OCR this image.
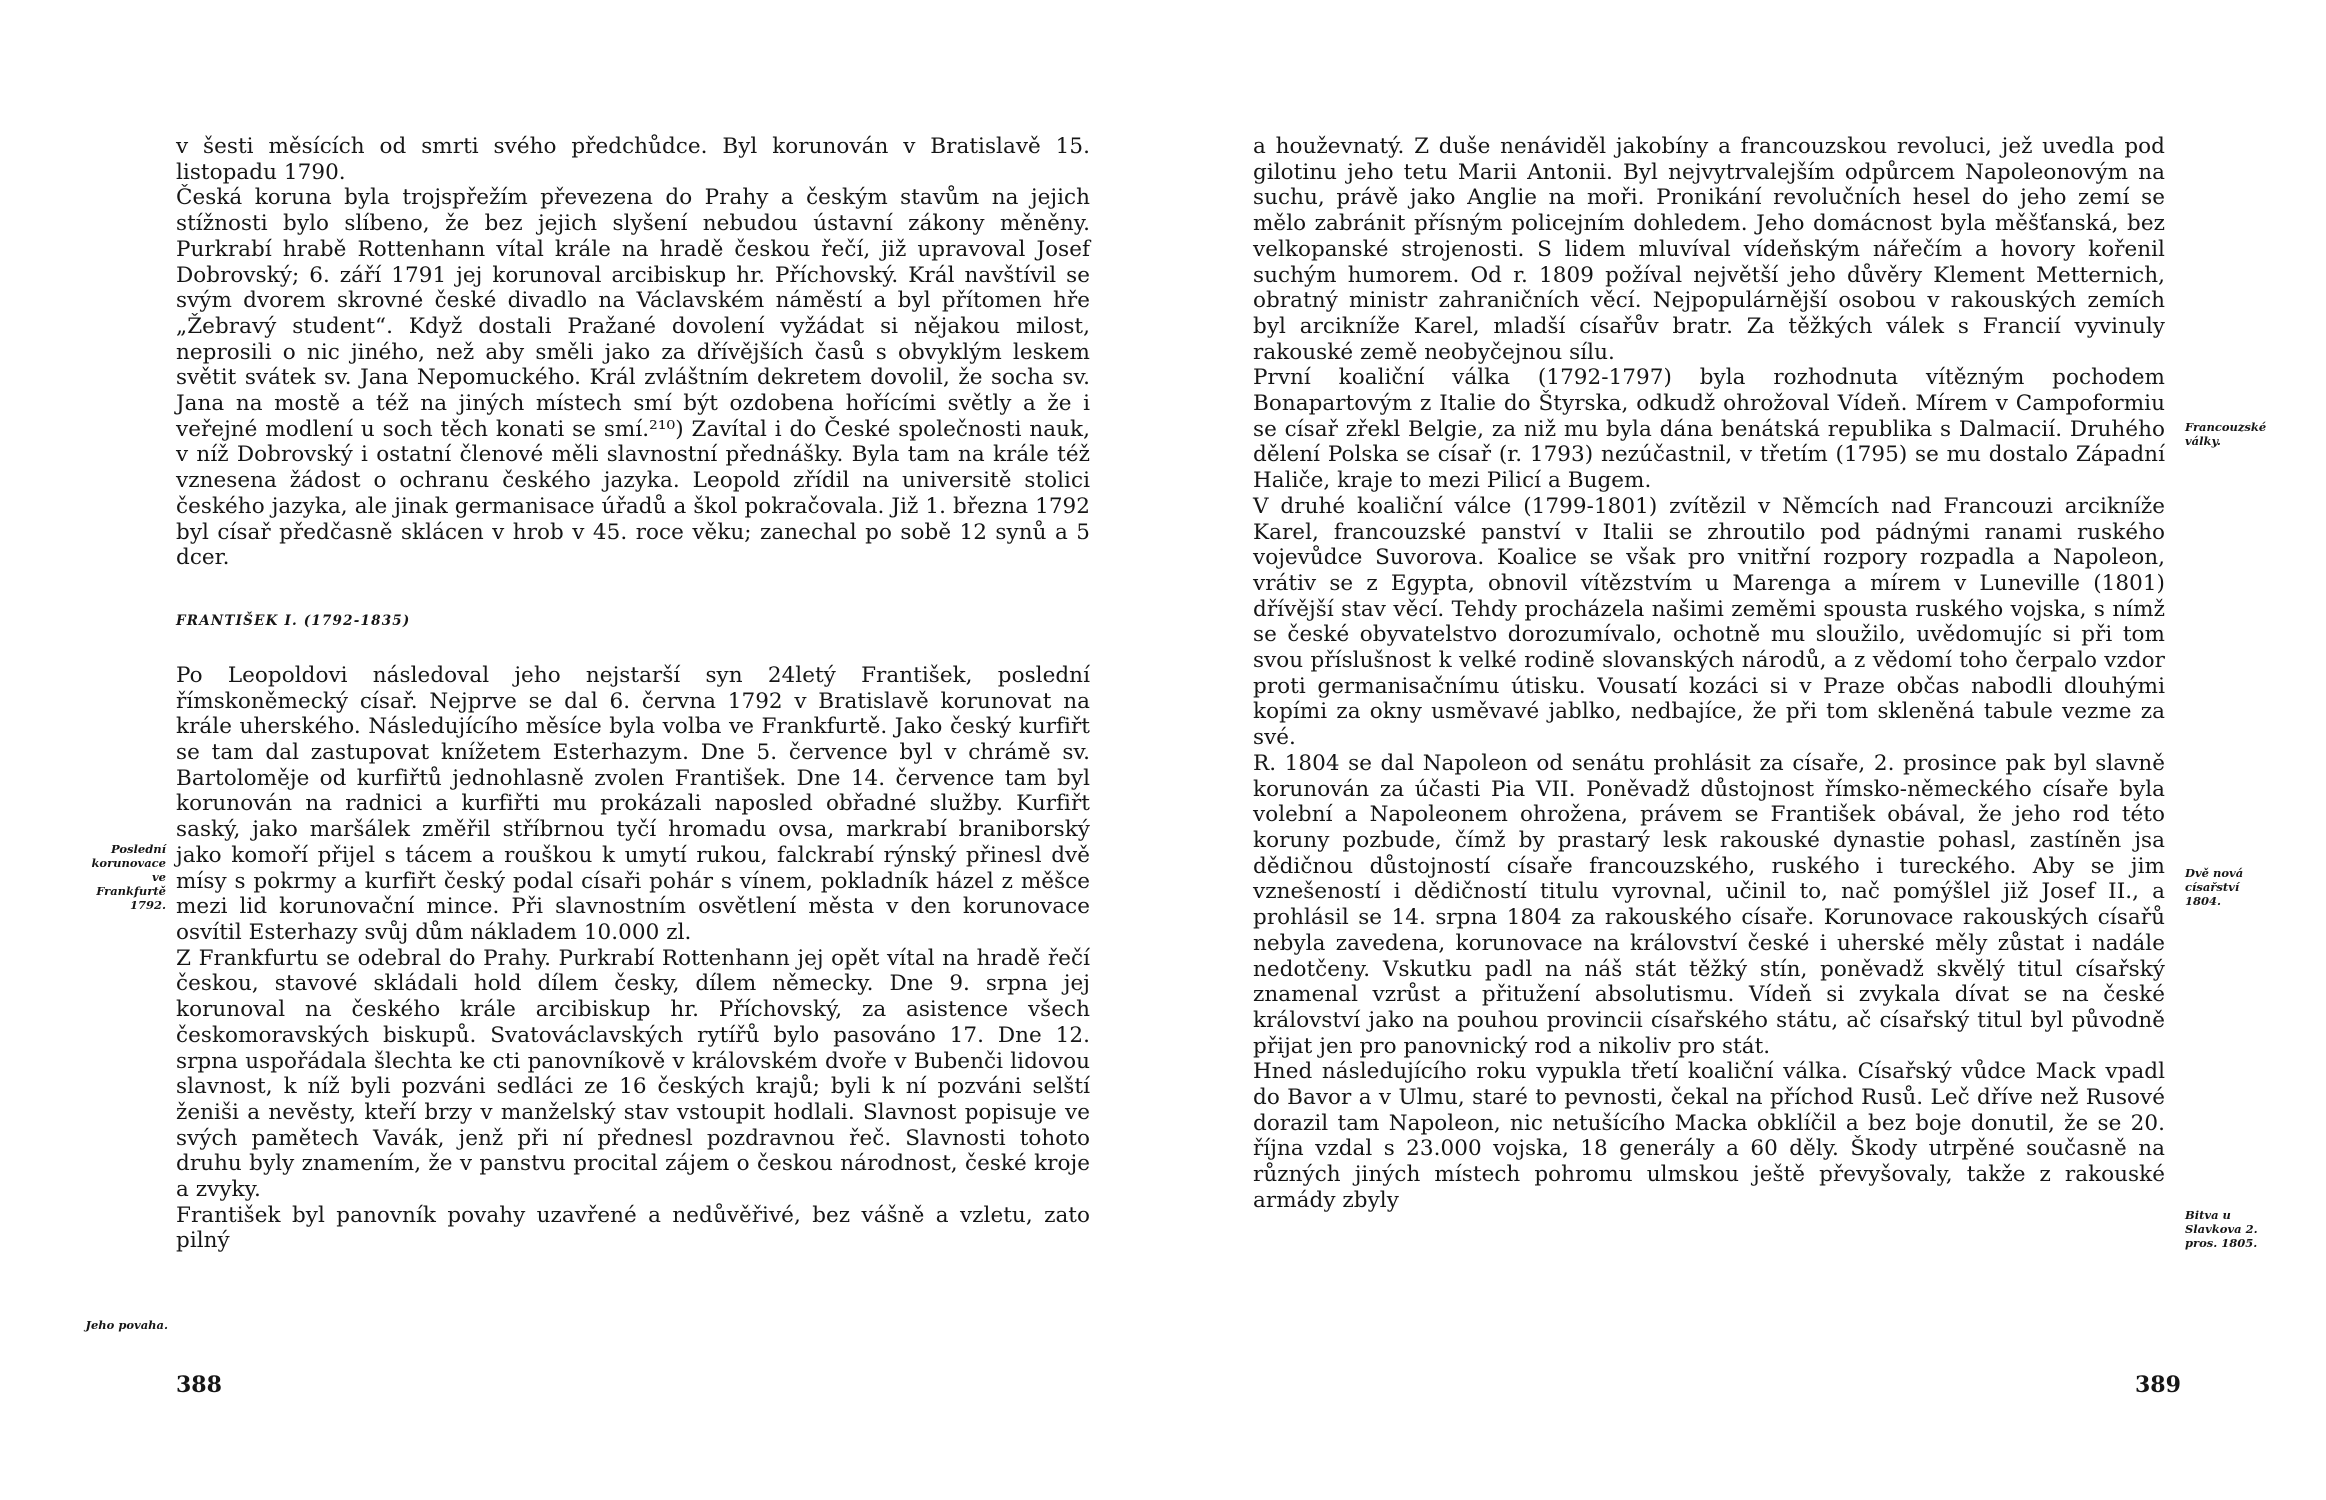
v šesti měsících od smrti svého předchůdce. Byl korunován v Bratislavě 15. listopadu 1790.

Česká koruna byla trojspřežím převezena do Prahy a českým stavům na jejich stížnosti bylo slíbeno, že bez jejich slyšení nebudou ústavní zákony měněny. Purkrabí hrabě Rottenhann vítal krále na hradě českou řečí, již upravoval Josef Dobrovský; 6. září 1791 jej korunoval arcibiskup hr. Příchovský. Král navštívil se svým dvorem skrovné české divadlo na Václavském náměstí a byl přítomen hře „Žebravý student“. Když dostali Pražané dovolení vyžádat si nějakou milost, neprosili o nic jiného, než aby směli jako za dřívějších časů s obvyklým leskem světit svátek sv. Jana Nepomuckého. Král zvláštním dekretem dovolil, že socha sv. Jana na mostě a též na jiných místech smí být ozdobena hořícími světly a že i veřejné modlení u soch těch konati se smí.²¹⁰) Zavítal i do České společnosti nauk, v níž Dobrovský i ostatní členové měli slavnostní přednášky. Byla tam na krále též vznesena žádost o ochranu českého jazyka. Leopold zřídil na universitě stolici českého jazyka, ale jinak germanisace úřadů a škol pokračovala. Již 1. března 1792 byl císař předčasně sklácen v hrob v 45. roce věku; zanechal po sobě 12 synů a 5 dcer.

FRANTIŠEK I. (1792-1835)

Po Leopoldovi následoval jeho nejstarší syn 24letý František, poslední římskoněmecký císař. Nejprve se dal 6. června 1792 v Bratislavě korunovat na krále uherského. Následujícího měsíce byla volba ve Frankfurtě. Jako český kurfiřt se tam dal zastupovat knížetem Esterhazym. Dne 5. července byl v chrámě sv. Bartoloměje od kurfiřtů jednohlasně zvolen František. Dne 14. července tam byl korunován na radnici a kurfiřti mu prokázali naposled obřadné služby. Kurfiřt saský, jako maršálek změřil stříbrnou tyčí hromadu ovsa, markrabí braniborský jako komoří přijel s tácem a rouškou k umytí rukou, falckrabí rýnský přinesl dvě mísy s pokrmy a kurfiřt český podal císaři pohár s vínem, pokladník házel z měšce mezi lid korunovační mince. Při slavnostním osvětlení města v den korunovace osvítil Esterhazy svůj dům nákladem 10.000 zl.

Z Frankfurtu se odebral do Prahy. Purkrabí Rottenhann jej opět vítal na hradě řečí českou, stavové skládali hold dílem česky, dílem německy. Dne 9. srpna jej korunoval na českého krále arcibiskup hr. Příchovský, za asistence všech českomoravských biskupů. Svatováclavských rytířů bylo pasováno 17. Dne 12. srpna uspořádala šlechta ke cti panovníkově v královském dvoře v Bubenči lidovou slavnost, k níž byli pozváni sedláci ze 16 českých krajů; byli k ní pozváni selští ženiši a nevěsty, kteří brzy v manželský stav vstoupit hodlali. Slavnost popisuje ve svých pamětech Vavák, jenž při ní přednesl pozdravnou řeč. Slavnosti tohoto druhu byly znamením, že v panstvu procital zájem o českou národnost, české kroje a zvyky.

František byl panovník povahy uzavřené a nedůvěřivé, bez vášně a vzletu, zato pilný

Poslední korunovace ve Frankfurtě 1792.
Jeho povaha.
388

a houževnatý. Z duše nenáviděl jakobíny a francouzskou revoluci, jež uvedla pod gilotinu jeho tetu Marii Antonii. Byl nejvytrvalejším odpůrcem Napoleonovým na suchu, právě jako Anglie na moři. Pronikání revolučních hesel do jeho zemí se mělo zabránit přísným policejním dohledem. Jeho domácnost byla měšťanská, bez velkopanské strojenosti. S lidem mluvíval vídeňským nářečím a hovory kořenil suchým humorem. Od r. 1809 požíval největší jeho důvěry Klement Metternich, obratný ministr zahraničních věcí. Nejpopulárnější osobou v rakouských zemích byl arcikníže Karel, mladší císařův bratr. Za těžkých válek s Francií vyvinuly rakouské země neobyčejnou sílu.

První koaliční válka (1792-1797) byla rozhodnuta vítězným pochodem Bonapartovým z Italie do Štyrska, odkudž ohrožoval Vídeň. Mírem v Campoformiu se císař zřekl Belgie, za niž mu byla dána benátská republika s Dalmacií. Druhého dělení Polska se císař (r. 1793) nezúčastnil, v třetím (1795) se mu dostalo Západní Haliče, kraje to mezi Pilicí a Bugem.

V druhé koaliční válce (1799-1801) zvítězil v Němcích nad Francouzi arcikníže Karel, francouzské panství v Italii se zhroutilo pod pádnými ranami ruského vojevůdce Suvorova. Koalice se však pro vnitřní rozpory rozpadla a Napoleon, vrátiv se z Egypta, obnovil vítězstvím u Marenga a mírem v Luneville (1801) dřívější stav věcí. Tehdy procházela našimi zeměmi spousta ruského vojska, s nímž se české obyvatelstvo dorozumívalo, ochotně mu sloužilo, uvědomujíc si při tom svou příslušnost k velké rodině slovanských národů, a z vědomí toho čerpalo vzdor proti germanisačnímu útisku. Vousatí kozáci si v Praze občas nabodli dlouhými kopími za okny usměvavé jablko, nedbajíce, že při tom skleněná tabule vezme za své.

R. 1804 se dal Napoleon od senátu prohlásit za císaře, 2. prosince pak byl slavně korunován za účasti Pia VII. Poněvadž důstojnost římsko-německého císaře byla volební a Napoleonem ohrožena, právem se František obával, že jeho rod této koruny pozbude, čímž by prastarý lesk rakouské dynastie pohasl, zastíněn jsa dědičnou důstojností císaře francouzského, ruského i tureckého. Aby se jim vznešeností i dědičností titulu vyrovnal, učinil to, nač pomýšlel již Josef II., a prohlásil se 14. srpna 1804 za rakouského císaře. Korunovace rakouských císařů nebyla zavedena, korunovace na království české i uherské měly zůstat i nadále nedotčeny. Vskutku padl na náš stát těžký stín, poněvadž skvělý titul císařský znamenal vzrůst a přitužení absolutismu. Vídeň si zvykala dívat se na české království jako na pouhou provincii císařského státu, ač císařský titul byl původně přijat jen pro panovnický rod a nikoliv pro stát.

Hned následujícího roku vypukla třetí koaliční válka. Císařský vůdce Mack vpadl do Bavor a v Ulmu, staré to pevnosti, čekal na příchod Rusů. Leč dříve než Rusové dorazil tam Napoleon, nic netušícího Macka obklíčil a bez boje donutil, že se 20. října vzdal s 23.000 vojska, 18 generály a 60 děly. Škody utrpěné současně na různých jiných místech pohromu ulmskou ještě převyšovaly, takže z rakouské armády zbyly

Francouzské války.
Dvě nová císařství 1804.
Bitva u Slavkova 2. pros. 1805.
389
